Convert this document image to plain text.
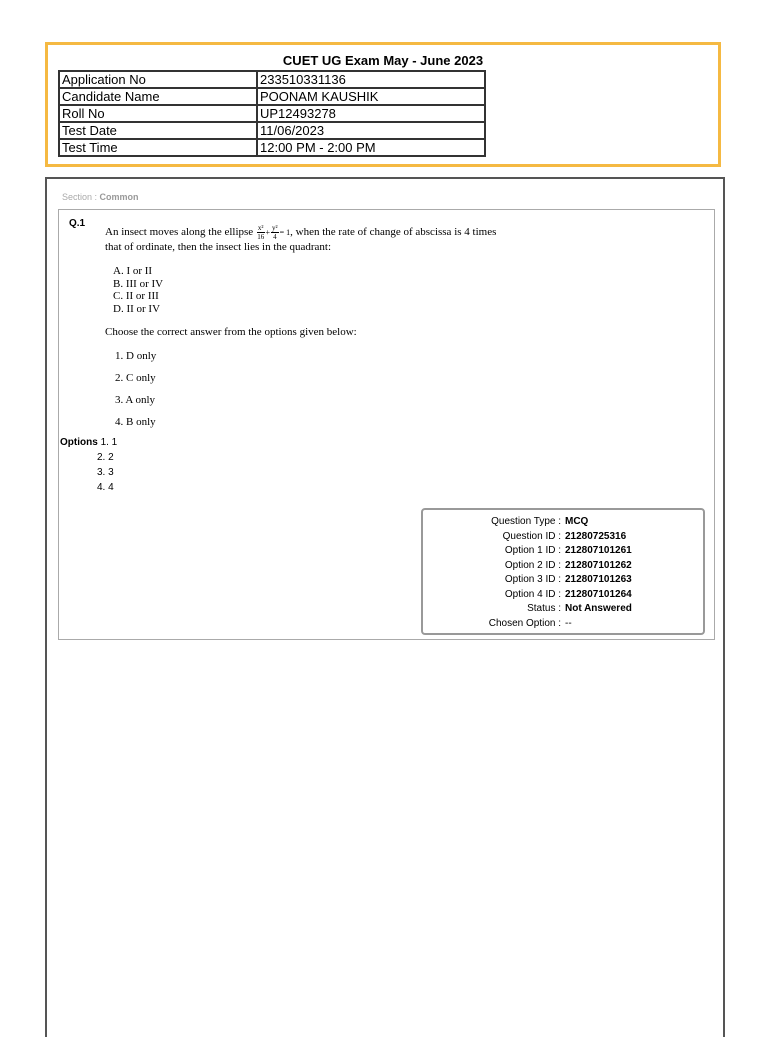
CUET UG Exam May - June 2023
Application No	233510331136
Candidate Name	POONAM KAUSHIK
Roll No	UP12493278
Test Date	11/06/2023
Test Time	12:00 PM - 2:00 PM
Section : Common
Q.1
An insect moves along the ellipse $\frac{\text{x²}}{16} + \frac{\text{y²}}{4} = 1$, when the rate of change of abscissa is 4 times
that of ordinate, then the insect lies in the quadrant:
A. I or II
B. III or IV
C. II or III
D. II or IV
Choose the correct answer from the options given below:
1. D only
2. C only
3. A only
4. B only
Options 1. 1
2. 2
3. 3
4. 4
Question Type : MCQ
Question ID : 21280725316
Option 1 ID : 212807101261
Option 2 ID : 212807101262
Option 3 ID : 212807101263
Option 4 ID : 212807101264
Status : Not Answered
Chosen Option : --
